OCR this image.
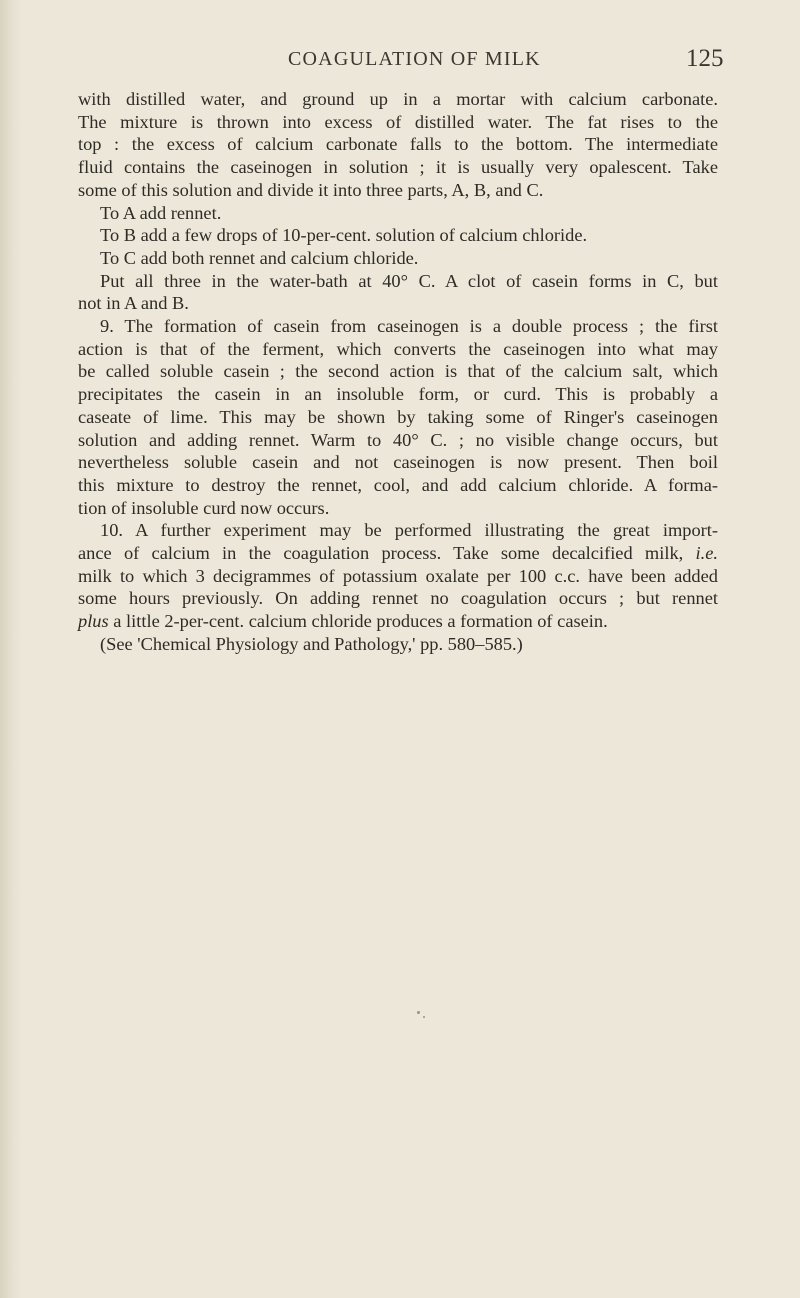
COAGULATION OF MILK	125
with distilled water, and ground up in a mortar with calcium carbonate.
The mixture is thrown into excess of distilled water. The fat rises to the
top : the excess of calcium carbonate falls to the bottom. The intermediate
fluid contains the caseinogen in solution ; it is usually very opalescent. Take
some of this solution and divide it into three parts, A, B, and C.
To A add rennet.
To B add a few drops of 10-per-cent. solution of calcium chloride.
To C add both rennet and calcium chloride.
Put all three in the water-bath at 40° C. A clot of casein forms in C, but
not in A and B.
9. The formation of casein from caseinogen is a double process ; the first
action is that of the ferment, which converts the caseinogen into what may
be called soluble casein ; the second action is that of the calcium salt, which
precipitates the casein in an insoluble form, or curd. This is probably a
caseate of lime. This may be shown by taking some of Ringer's caseinogen
solution and adding rennet. Warm to 40° C. ; no visible change occurs, but
nevertheless soluble casein and not caseinogen is now present. Then boil
this mixture to destroy the rennet, cool, and add calcium chloride. A forma-
tion of insoluble curd now occurs.
10. A further experiment may be performed illustrating the great import-
ance of calcium in the coagulation process. Take some decalcified milk, i.e.
milk to which 3 decigrammes of potassium oxalate per 100 c.c. have been added
some hours previously. On adding rennet no coagulation occurs ; but rennet
plus a little 2-per-cent. calcium chloride produces a formation of casein.
(See 'Chemical Physiology and Pathology,' pp. 580–585.)
